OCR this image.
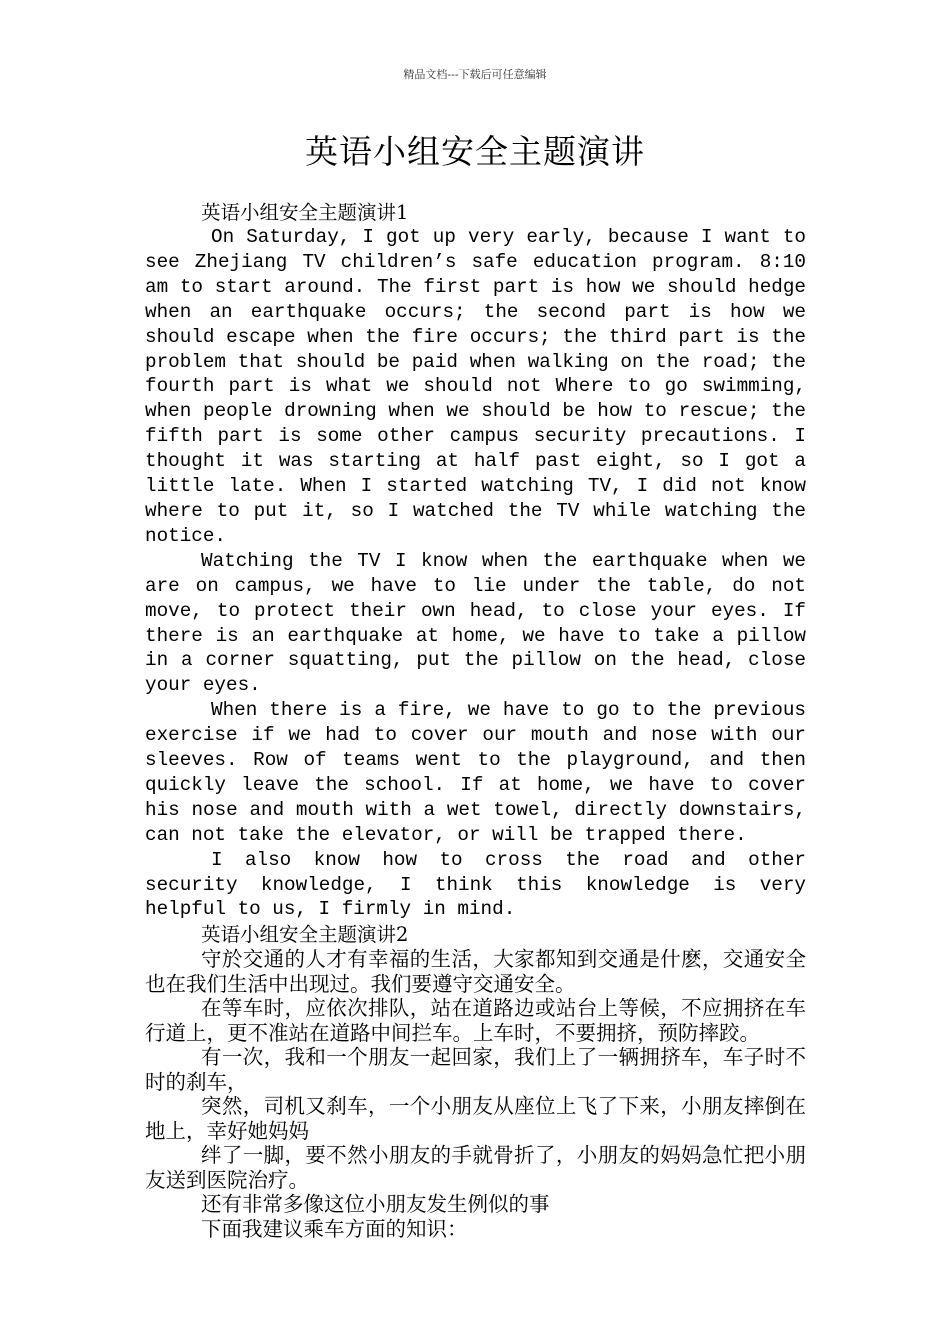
精品文档---下载后可任意编辑
英语小组安全主题演讲

英语小组安全主题演讲1

On Saturday, I got up very early, because I want to see Zhejiang TV children’s safe education program. 8:10 am to start around. The first part is how we should hedge when an earthquake occurs; the second part is how we should escape when the fire occurs; the third part is the problem that should be paid when walking on the road; the fourth part is what we should not Where to go swimming, when people drowning when we should be how to rescue; the fifth part is some other campus security precautions. I thought it was starting at half past eight, so I got a little late. When I started watching TV, I did not know where to put it, so I watched the TV while watching the notice.

Watching the TV I know when the earthquake when we are on campus, we have to lie under the table, do not move, to protect their own head, to close your eyes. If there is an earthquake at home, we have to take a pillow in a corner squatting, put the pillow on the head, close your eyes.

When there is a fire, we have to go to the previous exercise if we had to cover our mouth and nose with our sleeves. Row of teams went to the playground, and then quickly leave the school. If at home, we have to cover his nose and mouth with a wet towel, directly downstairs, can not take the elevator, or will be trapped there.

I also know how to cross the road and other security knowledge, I think this knowledge is very helpful to us, I firmly in mind.

英语小组安全主题演讲2

守於交通的人才有幸福的生活，大家都知到交通是什麽，交通安全也在我们生活中出现过。我们要遵守交通安全。

在等车时，应依次排队，站在道路边或站台上等候，不应拥挤在车行道上，更不准站在道路中间拦车。上车时，不要拥挤，预防摔跤。

有一次，我和一个朋友一起回家，我们上了一辆拥挤车，车子时不时的刹车，

突然，司机又刹车，一个小朋友从座位上飞了下来，小朋友摔倒在地上，幸好她妈妈

绊了一脚，要不然小朋友的手就骨折了，小朋友的妈妈急忙把小朋友送到医院治疗。

还有非常多像这位小朋友发生例似的事

下面我建议乘车方面的知识：
